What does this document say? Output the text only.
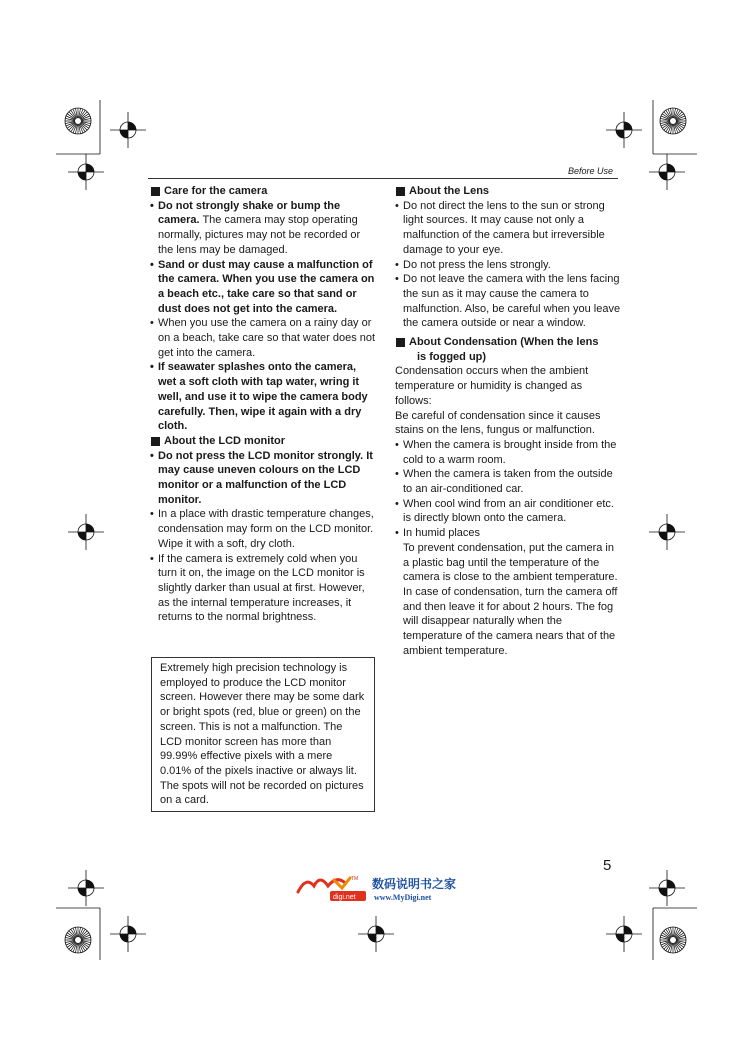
Before Use

Care for the camera

• Do not strongly shake or bump the camera. The camera may stop operating normally, pictures may not be recorded or the lens may be damaged.

• Sand or dust may cause a malfunction of the camera. When you use the camera on a beach etc., take care so that sand or dust does not get into the camera.

• When you use the camera on a rainy day or on a beach, take care so that water does not get into the camera.

• If seawater splashes onto the camera, wet a soft cloth with tap water, wring it well, and use it to wipe the camera body carefully. Then, wipe it again with a dry cloth.

About the LCD monitor

• Do not press the LCD monitor strongly. It may cause uneven colours on the LCD monitor or a malfunction of the LCD monitor.

• In a place with drastic temperature changes, condensation may form on the LCD monitor. Wipe it with a soft, dry cloth.

• If the camera is extremely cold when you turn it on, the image on the LCD monitor is slightly darker than usual at first. However, as the internal temperature increases, it returns to the normal brightness.

Extremely high precision technology is employed to produce the LCD monitor screen. However there may be some dark or bright spots (red, blue or green) on the screen. This is not a malfunction. The LCD monitor screen has more than 99.99% effective pixels with a mere 0.01% of the pixels inactive or always lit. The spots will not be recorded on pictures on a card.

About the Lens

• Do not direct the lens to the sun or strong light sources. It may cause not only a malfunction of the camera but irreversible damage to your eye.

• Do not press the lens strongly.

• Do not leave the camera with the lens facing the sun as it may cause the camera to malfunction. Also, be careful when you leave the camera outside or near a window.

About Condensation (When the lens
is fogged up)

Condensation occurs when the ambient temperature or humidity is changed as follows:

Be careful of condensation since it causes stains on the lens, fungus or malfunction.

• When the camera is brought inside from the cold to a warm room.

• When the camera is taken from the outside to an air-conditioned car.

• When cool wind from an air conditioner etc. is directly blown onto the camera.

• In humid places

To prevent condensation, put the camera in a plastic bag until the temperature of the camera is close to the ambient temperature. In case of condensation, turn the camera off and then leave it for about 2 hours. The fog will disappear naturally when the temperature of the camera nears that of the ambient temperature.

5
TM
digi.net
数码说明书之家
www.MyDigi.net
